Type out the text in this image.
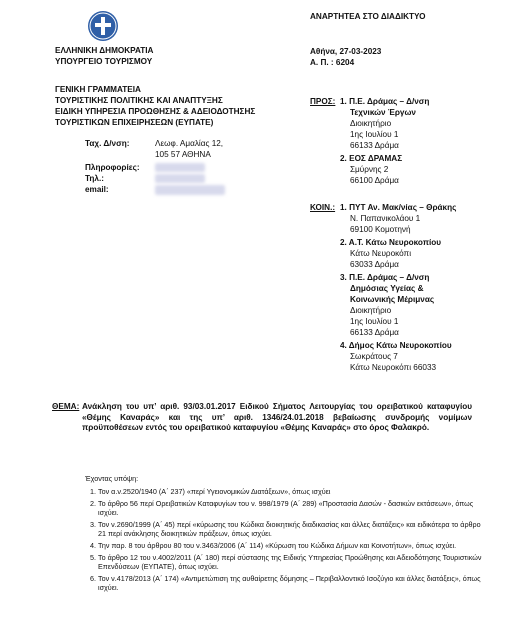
ΕΛΛΗΝΙΚΗ ΔΗΜΟΚΡΑΤΙΑ
ΥΠΟΥΡΓΕΙΟ ΤΟΥΡΙΣΜΟΥ
ΓΕΝΙΚΗ ΓΡΑΜΜΑΤΕΙΑ
ΤΟΥΡΙΣΤΙΚΗΣ ΠΟΛΙΤΙΚΗΣ ΚΑΙ ΑΝΑΠΤΥΞΗΣ
ΕΙΔΙΚΗ ΥΠΗΡΕΣΙΑ ΠΡΟΩΘΗΣΗΣ & ΑΔΕΙΟΔΟΤΗΣΗΣ
ΤΟΥΡΙΣΤΙΚΩΝ ΕΠΙΧΕΙΡΗΣΕΩΝ (ΕΥΠΑΤΕ)
Ταχ. Δ/νση:	Λεωφ. Αμαλίας 12,
105 57 ΑΘΗΝΑ
Πληροφορίες:
Τηλ.:
email:
ΑΝΑΡΤΗΤΕΑ ΣΤΟ ΔΙΑΔΙΚΤΥΟ
Αθήνα, 27-03-2023
Α. Π. : 6204
ΠΡΟΣ: 1. Π.Ε. Δράμας – Δ/νση
Τεχνικών Έργων
Διοικητήριο
1ης Ιουλίου 1
66133 Δράμα
2. ΕΟΣ ΔΡΑΜΑΣ
Σμύρνης 2
66100 Δράμα
ΚΟΙΝ.: 1. ΠΥΤ Αν. Μακ/νίας – Θράκης
Ν. Παπανικολάου 1
69100 Κομοτηνή
2. Α.Τ. Κάτω Νευροκοπίου
Κάτω Νευροκόπι
63033 Δράμα
3. Π.Ε. Δράμας – Δ/νση
Δημόσιας Υγείας &
Κοινωνικής Μέριμνας
Διοικητήριο
1ης Ιουλίου 1
66133 Δράμα
4. Δήμος Κάτω Νευροκοπίου
Σωκράτους 7
Κάτω Νευροκόπι 66033
ΘΕΜΑ: Ανάκληση του υπ’ αριθ. 93/03.01.2017 Ειδικού Σήματος Λειτουργίας του ορειβατικού καταφυγίου «Θέμης Καναράς» και της υπ’ αριθ. 1346/24.01.2018 βεβαίωσης συνδρομής νομίμων προϋποθέσεων εντός του ορειβατικού καταφυγίου «Θέμης Καναράς» στο όρος Φαλακρό.
Έχοντας υπόψη:
1. Τον α.ν.2520/1940 (Α΄ 237) «περί Υγειονομικών Διατάξεων», όπως ισχύει
2. Το άρθρο 56 περί Ορειβατικών Καταφυγίων του ν. 998/1979 (Α΄ 289) «Προστασία Δασών - δασικών εκτάσεων», όπως ισχύει.
3. Τον ν.2690/1999 (Α΄ 45) περί «κύρωσης του Κώδικα διοικητικής διαδικασίας και άλλες διατάξεις» και ειδικότερα το άρθρο 21 περί ανάκλησης διοικητικών πράξεων, όπως ισχύει.
4. Την παρ. 8 του άρθρου 80 του ν.3463/2006 (Α΄ 114) «Κύρωση του Κώδικα Δήμων και Κοινοτήτων», όπως ισχύει.
5. Το άρθρο 12 του ν.4002/2011 (Α΄ 180) περί σύστασης της Ειδικής Υπηρεσίας Προώθησης και Αδειοδότησης Τουριστικών Επενδύσεων (ΕΥΠΑΤΕ), όπως ισχύει.
6. Τον ν.4178/2013 (Α΄ 174) «Αντιμετώπιση της αυθαίρετης δόμησης – Περιβαλλοντικό Ισοζύγιο και άλλες διατάξεις», όπως ισχύει.
